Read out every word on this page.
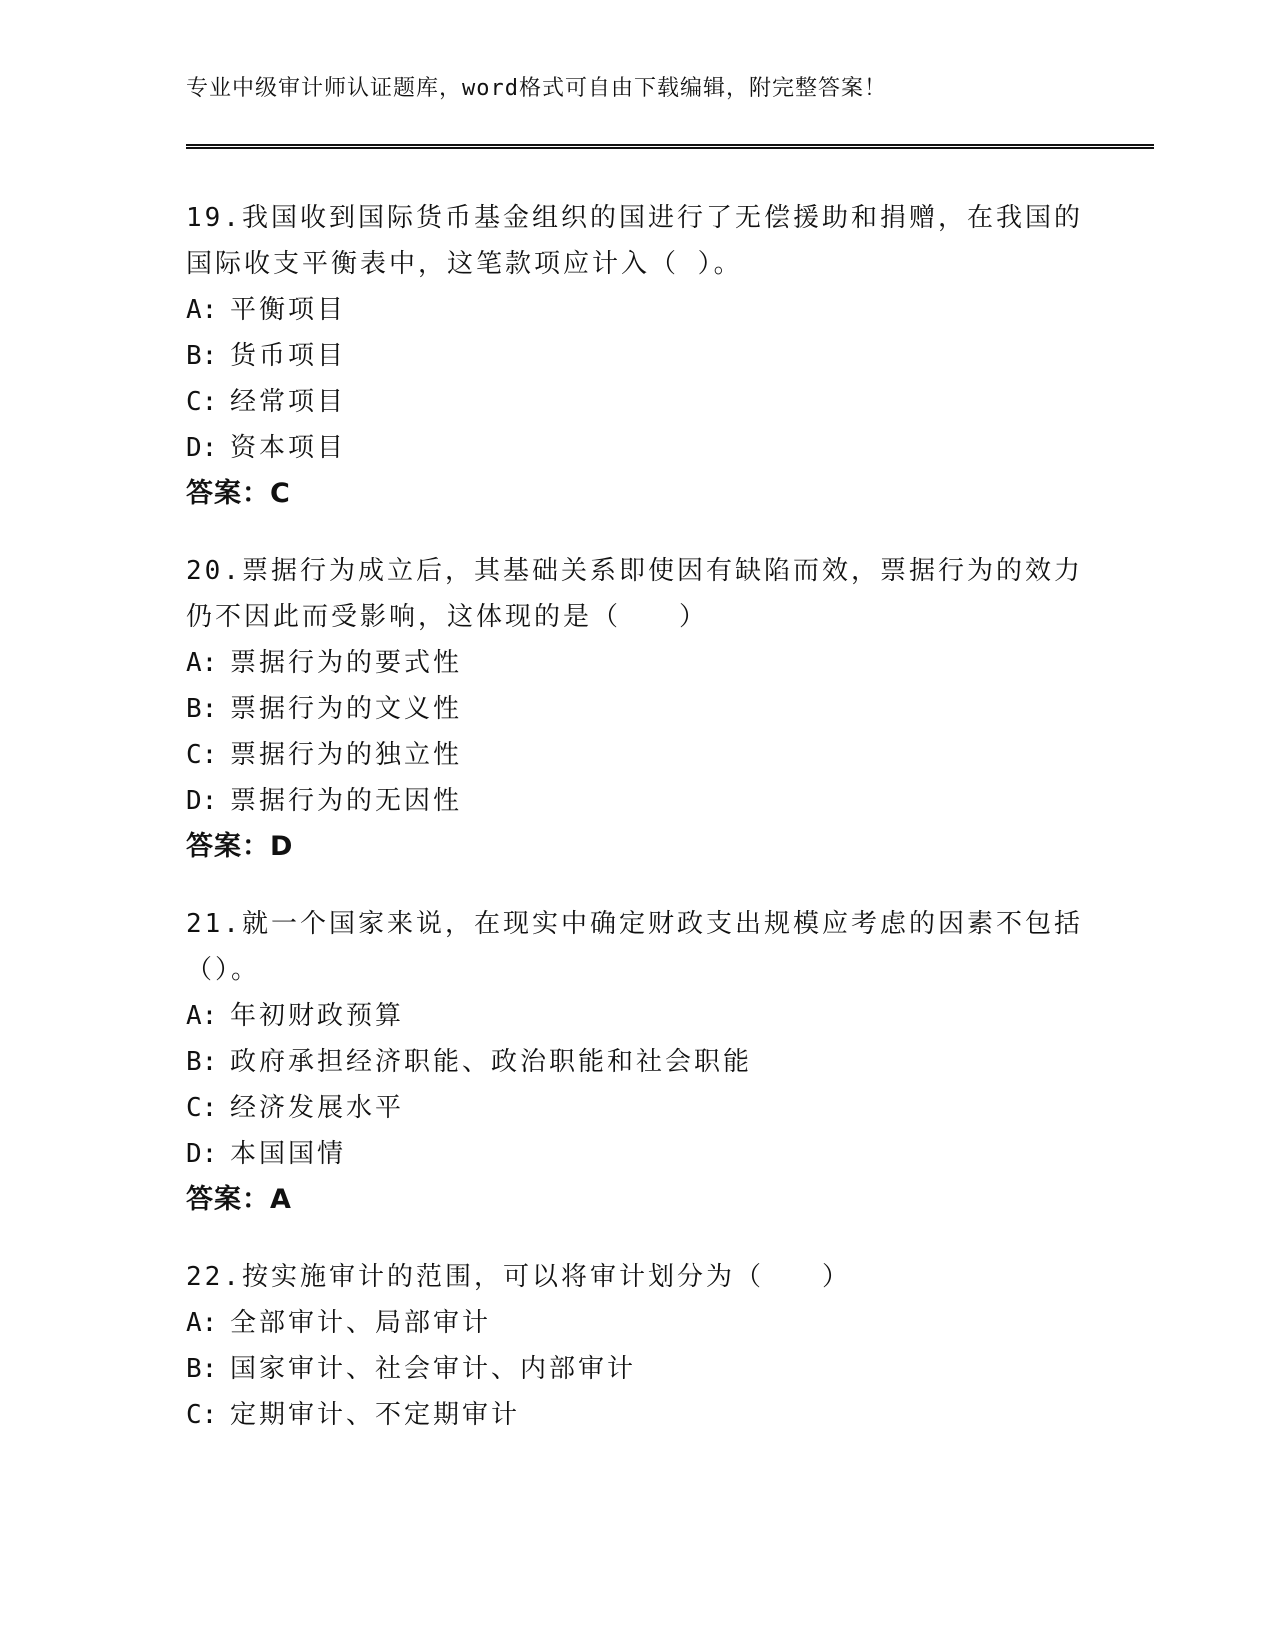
专业中级审计师认证题库，word格式可自由下载编辑，附完整答案！
19.我国收到国际货币基金组织的国进行了无偿援助和捐赠，在我国的
国际收支平衡表中，这笔款项应计入（ ）。
A: 平衡项目
B: 货币项目
C: 经常项目
D: 资本项目
答案：C
20.票据行为成立后，其基础关系即使因有缺陷而效，票据行为的效力
仍不因此而受影响，这体现的是（　　）
A: 票据行为的要式性
B: 票据行为的文义性
C: 票据行为的独立性
D: 票据行为的无因性
答案：D
21.就一个国家来说，在现实中确定财政支出规模应考虑的因素不包括
（）。
A: 年初财政预算
B: 政府承担经济职能、政治职能和社会职能
C: 经济发展水平
D: 本国国情
答案：A
22.按实施审计的范围，可以将审计划分为（　　）
A: 全部审计、局部审计
B: 国家审计、社会审计、内部审计
C: 定期审计、不定期审计
